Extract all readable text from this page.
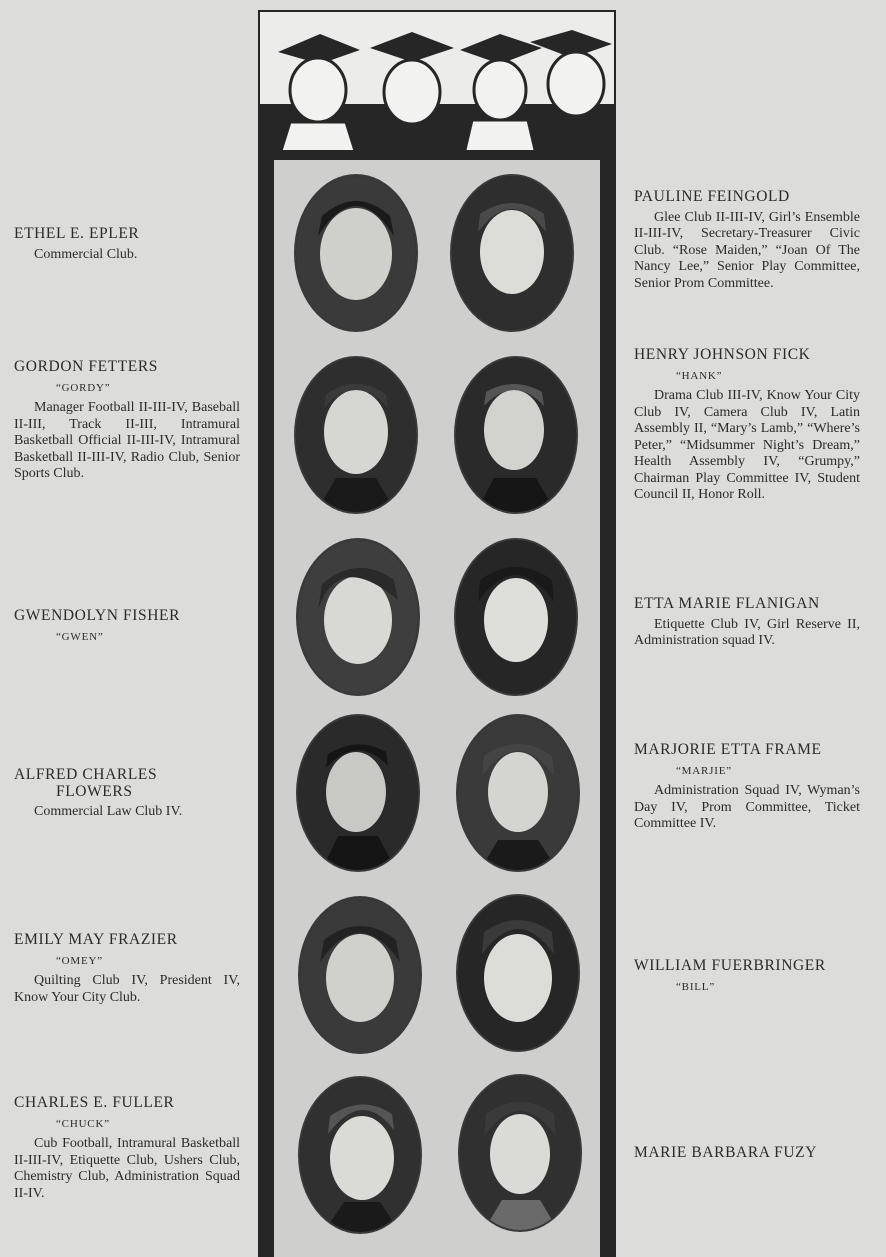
ETHEL E. EPLER
Commercial Club.
GORDON FETTERS
“GORDY”
Manager Football II-III-IV, Baseball II-III, Track II-III, Intramural Basketball Official II-III-IV, Intramural Basketball II-III-IV, Radio Club, Senior Sports Club.
GWENDOLYN FISHER
“GWEN”
ALFRED CHARLES
FLOWERS
Commercial Law Club IV.
EMILY MAY FRAZIER
“OMEY”
Quilting Club IV, President IV, Know Your City Club.
CHARLES E. FULLER
“CHUCK”
Cub Football, Intramural Basketball II-III-IV, Etiquette Club, Ushers Club, Chemistry Club, Administration Squad II-IV.
PAULINE FEINGOLD
Glee Club II-III-IV, Girl’s Ensemble II-III-IV, Secretary-Treasurer Civic Club. “Rose Maiden,” “Joan Of The Nancy Lee,” Senior Play Committee, Senior Prom Committee.
HENRY JOHNSON FICK
“HANK”
Drama Club III-IV, Know Your City Club IV, Camera Club IV, Latin Assembly II, “Mary’s Lamb,” “Where’s Peter,” “Midsummer Night’s Dream,” Health Assembly IV, “Grumpy,” Chairman Play Committee IV, Student Council II, Honor Roll.
ETTA MARIE FLANIGAN
Etiquette Club IV, Girl Reserve II, Administration squad IV.
MARJORIE ETTA FRAME
“MARJIE”
Administration Squad IV, Wyman’s Day IV, Prom Committee, Ticket Committee IV.
WILLIAM FUERBRINGER
“BILL”
MARIE BARBARA FUZY
